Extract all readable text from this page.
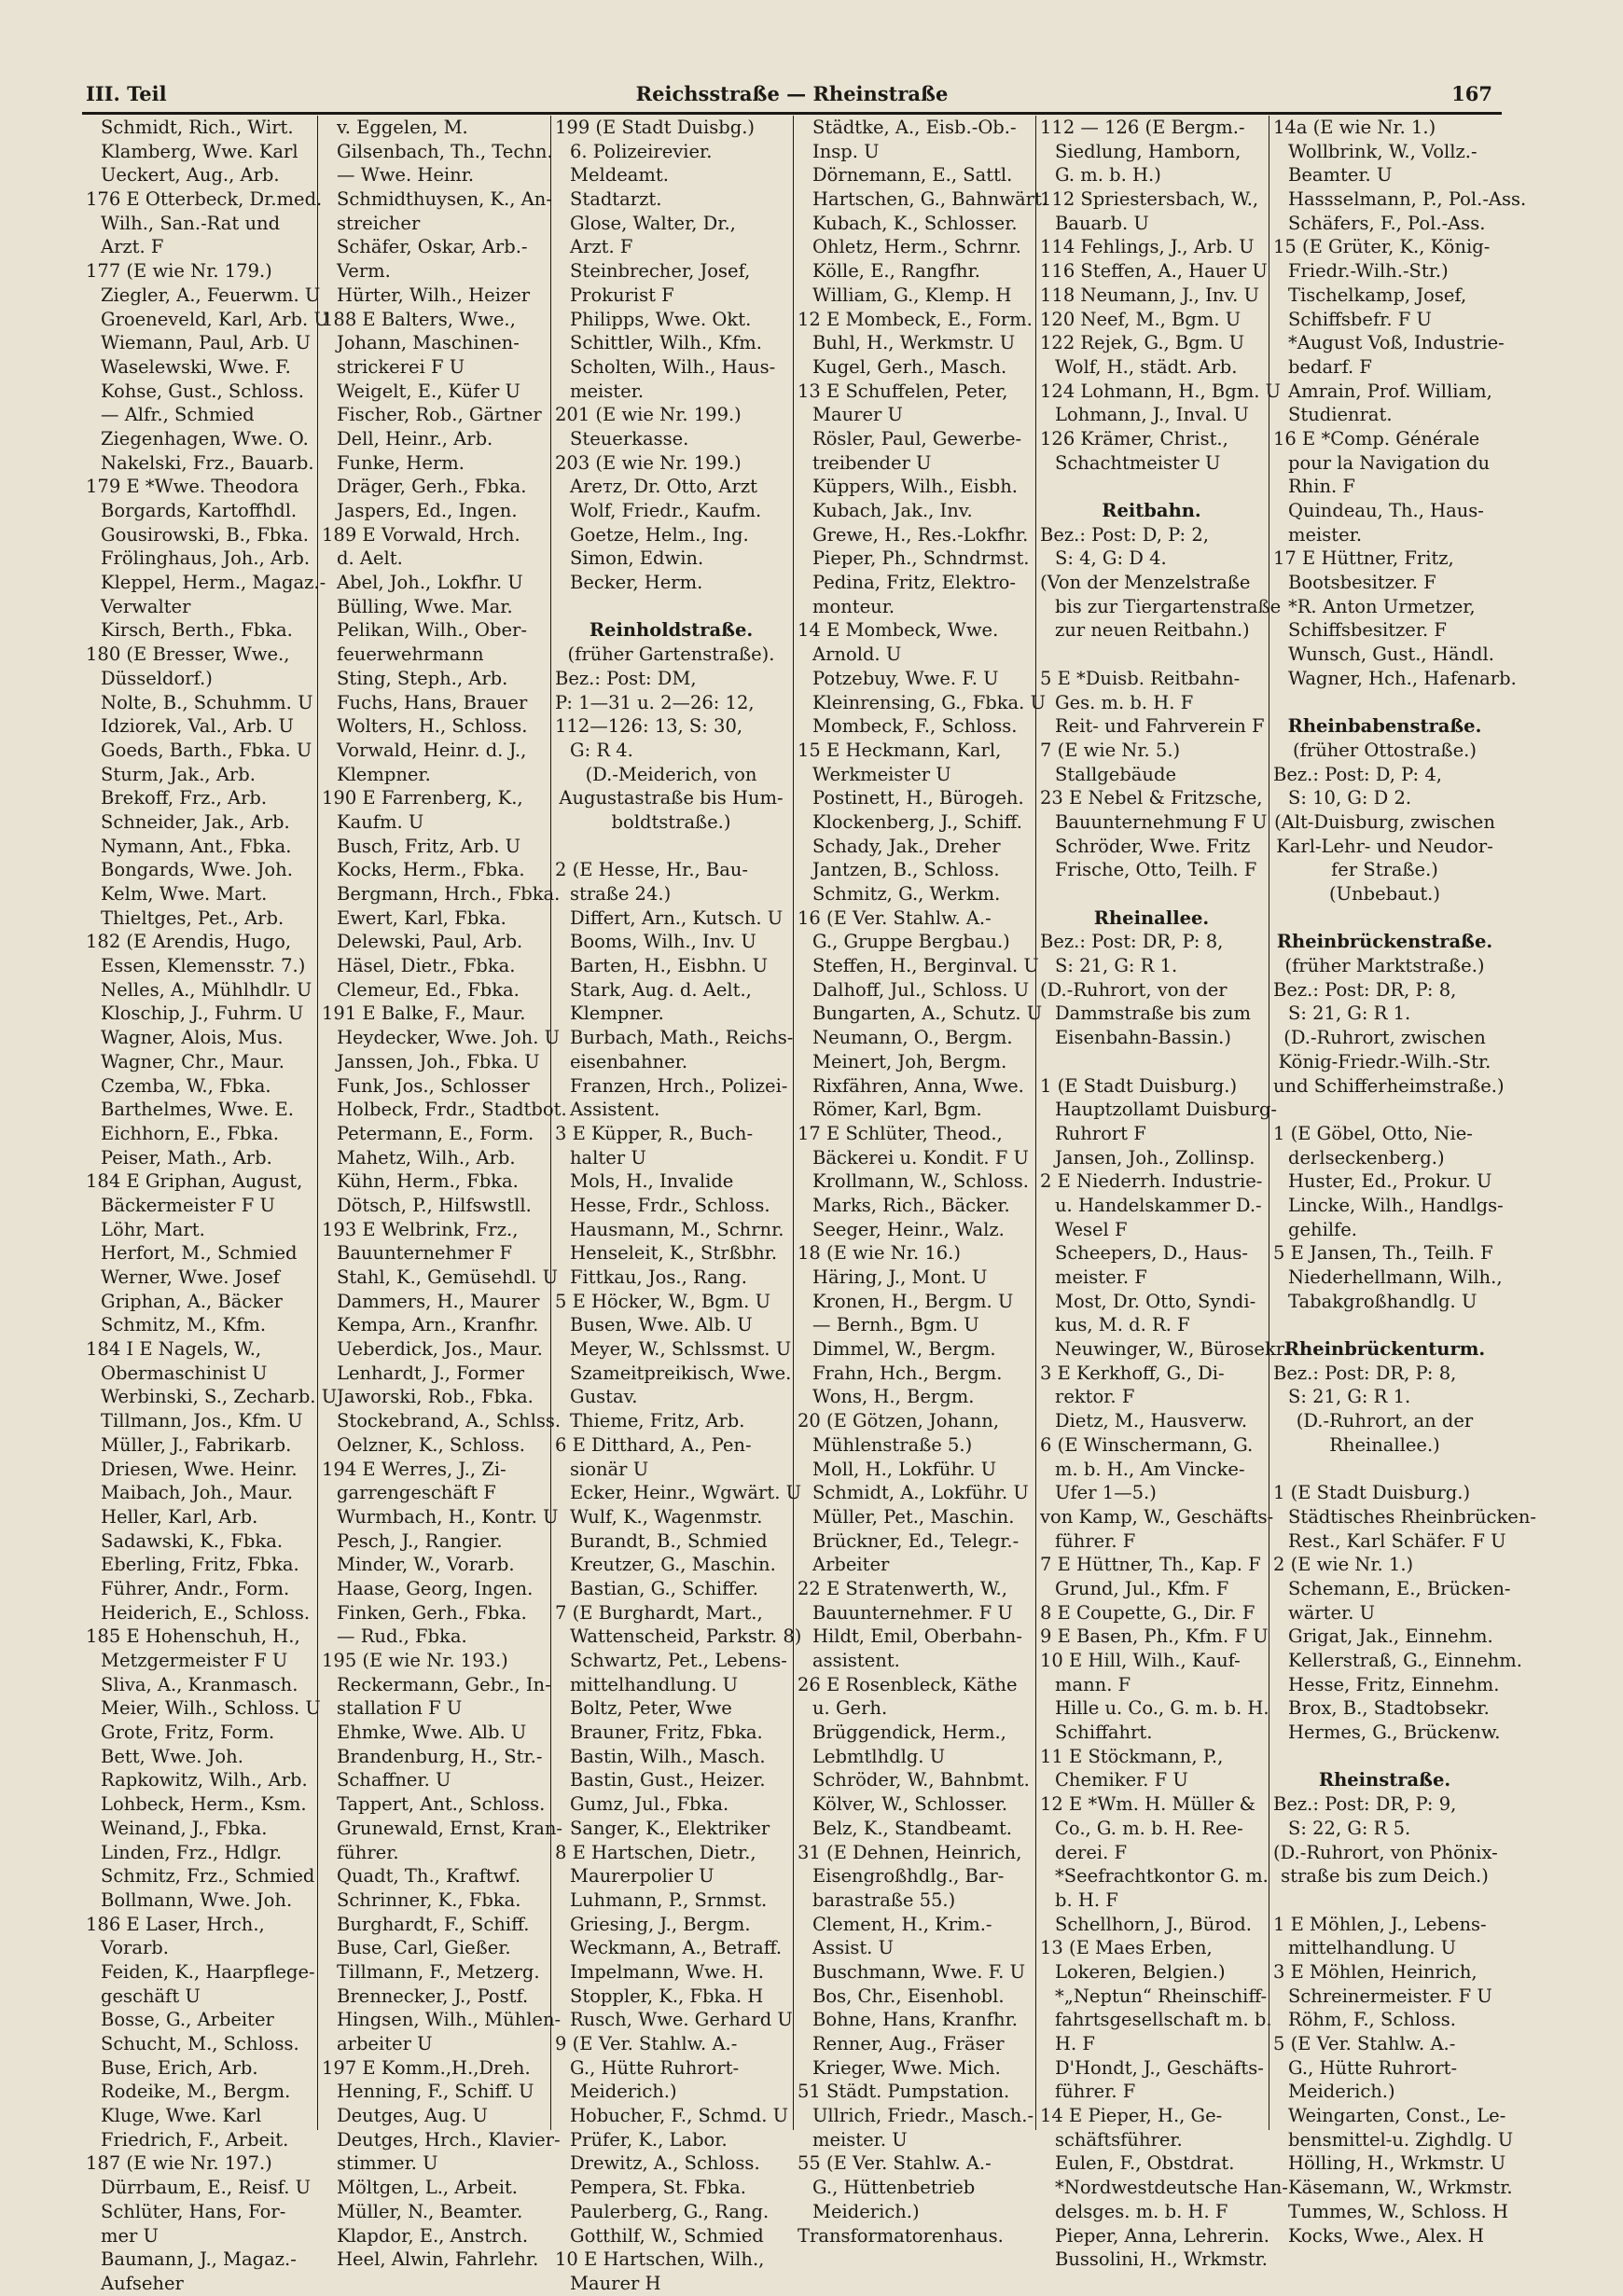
III. Teil	Reichsstraße — Rheinstraße	167
Schmidt, Rich., Wirt.
Klamberg, Wwe. Karl
Ueckert, Aug., Arb.
176 E Otterbeck, Dr.med.
Wilh., San.-Rat und
Arzt. F
177 (E wie Nr. 179.)
Ziegler, A., Feuerwm. U
Groeneveld, Karl, Arb. U
Wiemann, Paul, Arb. U
Waselewski, Wwe. F.
Kohse, Gust., Schloss.
— Alfr., Schmied
Ziegenhagen, Wwe. O.
Nakelski, Frz., Bauarb.
179 E *Wwe. Theodora
Borgards, Kartoffhdl.
Gousirowski, B., Fbka.
Frölinghaus, Joh., Arb.
Kleppel, Herm., Magaz.-
Verwalter
Kirsch, Berth., Fbka.
180 (E Bresser, Wwe.,
Düsseldorf.)
Nolte, B., Schuhmm. U
Idziorek, Val., Arb. U
Goeds, Barth., Fbka. U
Sturm, Jak., Arb.
Brekoff, Frz., Arb.
Schneider, Jak., Arb.
Nymann, Ant., Fbka.
Bongards, Wwe. Joh.
Kelm, Wwe. Mart.
Thieltges, Pet., Arb.
182 (E Arendis, Hugo,
Essen, Klemensstr. 7.)
Nelles, A., Mühlhdlr. U
Kloschip, J., Fuhrm. U
Wagner, Alois, Mus.
Wagner, Chr., Maur.
Czemba, W., Fbka.
Barthelmes, Wwe. E.
Eichhorn, E., Fbka.
Peiser, Math., Arb.
184 E Griphan, August,
Bäckermeister F U
Löhr, Mart.
Herfort, M., Schmied
Werner, Wwe. Josef
Griphan, A., Bäcker
Schmitz, M., Kfm.
184 I E Nagels, W.,
Obermaschinist U
Werbinski, S., Zecharb. U
Tillmann, Jos., Kfm. U
Müller, J., Fabrikarb.
Driesen, Wwe. Heinr.
Maibach, Joh., Maur.
Heller, Karl, Arb.
Sadawski, K., Fbka.
Eberling, Fritz, Fbka.
Führer, Andr., Form.
Heiderich, E., Schloss.
185 E Hohenschuh, H.,
Metzgermeister F U
Sliva, A., Kranmasch.
Meier, Wilh., Schloss. U
Grote, Fritz, Form.
Bett, Wwe. Joh.
Rapkowitz, Wilh., Arb.
Lohbeck, Herm., Ksm.
Weinand, J., Fbka.
Linden, Frz., Hdlgr.
Schmitz, Frz., Schmied
Bollmann, Wwe. Joh.
186 E Laser, Hrch.,
Vorarb.
Feiden, K., Haarpflege-
geschäft U
Bosse, G., Arbeiter
Schucht, M., Schloss.
Buse, Erich, Arb.
Rodeike, M., Bergm.
Kluge, Wwe. Karl
Friedrich, F., Arbeit.
187 (E wie Nr. 197.)
Dürrbaum, E., Reisf. U
Schlüter, Hans, For-
mer U
Baumann, J., Magaz.-
Aufseher
v. Eggelen, M.
Gilsenbach, Th., Techn.
— Wwe. Heinr.
Schmidthuysen, K., An-
streicher
Schäfer, Oskar, Arb.-
Verm.
Hürter, Wilh., Heizer
188 E Balters, Wwe.,
Johann, Maschinen-
strickerei F U
Weigelt, E., Küfer U
Fischer, Rob., Gärtner
Dell, Heinr., Arb.
Funke, Herm.
Dräger, Gerh., Fbka.
Jaspers, Ed., Ingen.
189 E Vorwald, Hrch.
d. Aelt.
Abel, Joh., Lokfhr. U
Bülling, Wwe. Mar.
Pelikan, Wilh., Ober-
feuerwehrmann
Sting, Steph., Arb.
Fuchs, Hans, Brauer
Wolters, H., Schloss.
Vorwald, Heinr. d. J.,
Klempner.
190 E Farrenberg, K.,
Kaufm. U
Busch, Fritz, Arb. U
Kocks, Herm., Fbka.
Bergmann, Hrch., Fbka.
Ewert, Karl, Fbka.
Delewski, Paul, Arb.
Häsel, Dietr., Fbka.
Clemeur, Ed., Fbka.
191 E Balke, F., Maur.
Heydecker, Wwe. Joh. U
Janssen, Joh., Fbka. U
Funk, Jos., Schlosser
Holbeck, Frdr., Stadtbot.
Petermann, E., Form.
Mahetz, Wilh., Arb.
Kühn, Herm., Fbka.
Dötsch, P., Hilfswstll.
193 E Welbrink, Frz.,
Bauunternehmer F
Stahl, K., Gemüsehdl. U
Dammers, H., Maurer
Kempa, Arn., Kranfhr.
Ueberdick, Jos., Maur.
Lenhardt, J., Former
Jaworski, Rob., Fbka.
Stockebrand, A., Schlss.
Oelzner, K., Schloss.
194 E Werres, J., Zi-
garrengeschäft F
Wurmbach, H., Kontr. U
Pesch, J., Rangier.
Minder, W., Vorarb.
Haase, Georg, Ingen.
Finken, Gerh., Fbka.
— Rud., Fbka.
195 (E wie Nr. 193.)
Reckermann, Gebr., In-
stallation F U
Ehmke, Wwe. Alb. U
Brandenburg, H., Str.-
Schaffner. U
Tappert, Ant., Schloss.
Grunewald, Ernst, Kran-
führer.
Quadt, Th., Kraftwf.
Schrinner, K., Fbka.
Burghardt, F., Schiff.
Buse, Carl, Gießer.
Tillmann, F., Metzerg.
Brennecker, J., Postf.
Hingsen, Wilh., Mühlen-
arbeiter U
197 E Komm.,H.,Dreh.
Henning, F., Schiff. U
Deutges, Aug. U
Deutges, Hrch., Klavier-
stimmer. U
Möltgen, L., Arbeit.
Müller, N., Beamter.
Klapdor, E., Anstrch.
Heel, Alwin, Fahrlehr.
199 (E Stadt Duisbg.)
6. Polizeirevier.
Meldeamt.
Stadtarzt.
Glose, Walter, Dr.,
Arzt. F
Steinbrecher, Josef,
Prokurist F
Philipps, Wwe. Okt.
Schittler, Wilh., Kfm.
Scholten, Wilh., Haus-
meister.
201 (E wie Nr. 199.)
Steuerkasse.
203 (E wie Nr. 199.)
Arетz, Dr. Otto, Arzt
Wolf, Friedr., Kaufm.
Goetze, Helm., Ing.
Simon, Edwin.
Becker, Herm.
Reinholdstraße.
(früher Gartenstraße).
Bez.: Post: DM,
P: 1—31 u. 2—26: 12,
112—126: 13, S: 30,
G: R 4.
(D.-Meiderich, von
Augustastraße bis Hum-
boldtstraße.)
2 (E Hesse, Hr., Bau-
straße 24.)
Differt, Arn., Kutsch. U
Booms, Wilh., Inv. U
Barten, H., Eisbhn. U
Stark, Aug. d. Aelt.,
Klempner.
Burbach, Math., Reichs-
eisenbahner.
Franzen, Hrch., Polizei-
Assistent.
3 E Küpper, R., Buch-
halter U
Mols, H., Invalide
Hesse, Frdr., Schloss.
Hausmann, M., Schrnr.
Henseleit, K., Strßbhr.
Fittkau, Jos., Rang.
5 E Höcker, W., Bgm. U
Busen, Wwe. Alb. U
Meyer, W., Schlssmst. U
Szameitpreikisch, Wwe.
Gustav.
Thieme, Fritz, Arb.
6 E Ditthard, A., Pen-
sionär U
Ecker, Heinr., Wgwärt. U
Wulf, K., Wagenmstr.
Burandt, B., Schmied
Kreutzer, G., Maschin.
Bastian, G., Schiffer.
7 (E Burghardt, Mart.,
Wattenscheid, Parkstr. 8)
Schwartz, Pet., Lebens-
mittelhandlung. U
Boltz, Peter, Wwe
Brauner, Fritz, Fbka.
Bastin, Wilh., Masch.
Bastin, Gust., Heizer.
Gumz, Jul., Fbka.
Sanger, K., Elektriker
8 E Hartschen, Dietr.,
Maurerpolier U
Luhmann, P., Srnmst.
Griesing, J., Bergm.
Weckmann, A., Betraff.
Impelmann, Wwe. H.
Stoppler, K., Fbka. H
Rusch, Wwe. Gerhard U
9 (E Ver. Stahlw. A.-
G., Hütte Ruhrort-
Meiderich.)
Hobucher, F., Schmd. U
Prüfer, K., Labor.
Drewitz, A., Schloss.
Pempera, St. Fbka.
Paulerberg, G., Rang.
Gotthilf, W., Schmied
10 E Hartschen, Wilh.,
Maurer H
Städtke, A., Eisb.-Ob.-
Insp. U
Dörnemann, E., Sattl.
Hartschen, G., Bahnwärt.
Kubach, K., Schlosser.
Ohletz, Herm., Schrnr.
Kölle, E., Rangfhr.
William, G., Klemp. H
12 E Mombeck, E., Form.
Buhl, H., Werkmstr. U
Kugel, Gerh., Masch.
13 E Schuffelen, Peter,
Maurer U
Rösler, Paul, Gewerbe-
treibender U
Küppers, Wilh., Eisbh.
Kubach, Jak., Inv.
Grewe, H., Res.-Lokfhr.
Pieper, Ph., Schndrmst.
Pedina, Fritz, Elektro-
monteur.
14 E Mombeck, Wwe.
Arnold. U
Potzebuy, Wwe. F. U
Kleinrensing, G., Fbka. U
Mombeck, F., Schloss.
15 E Heckmann, Karl,
Werkmeister U
Postinett, H., Bürogeh.
Klockenberg, J., Schiff.
Schady, Jak., Dreher
Jantzen, B., Schloss.
Schmitz, G., Werkm.
16 (E Ver. Stahlw. A.-
G., Gruppe Bergbau.)
Steffen, H., Berginval. U
Dalhoff, Jul., Schloss. U
Bungarten, A., Schutz. U
Neumann, O., Bergm.
Meinert, Joh, Bergm.
Rixfähren, Anna, Wwe.
Römer, Karl, Bgm.
17 E Schlüter, Theod.,
Bäckerei u. Kondit. F U
Krollmann, W., Schloss.
Marks, Rich., Bäcker.
Seeger, Heinr., Walz.
18 (E wie Nr. 16.)
Häring, J., Mont. U
Kronen, H., Bergm. U
— Bernh., Bgm. U
Dimmel, W., Bergm.
Frahn, Hch., Bergm.
Wons, H., Bergm.
20 (E Götzen, Johann,
Mühlenstraße 5.)
Moll, H., Lokführ. U
Schmidt, A., Lokführ. U
Müller, Pet., Maschin.
Brückner, Ed., Telegr.-
Arbeiter
22 E Stratenwerth, W.,
Bauunternehmer. F U
Hildt, Emil, Oberbahn-
assistent.
26 E Rosenbleck, Käthe
u. Gerh.
Brüggendick, Herm.,
Lebmtlhdlg. U
Schröder, W., Bahnbmt.
Kölver, W., Schlosser.
Belz, K., Standbeamt.
31 (E Dehnen, Heinrich,
Eisengroßhdlg., Bar-
barastraße 55.)
Clement, H., Krim.-
Assist. U
Buschmann, Wwe. F. U
Bos, Chr., Eisenhobl.
Bohne, Hans, Kranfhr.
Renner, Aug., Fräser
Krieger, Wwe. Mich.
51 Städt. Pumpstation.
Ullrich, Friedr., Masch.-
meister. U
55 (E Ver. Stahlw. A.-
G., Hüttenbetrieb
Meiderich.)
Transformatorenhaus.
112 — 126 (E Bergm.-
Siedlung, Hamborn,
G. m. b. H.)
112 Spriestersbach, W.,
Bauarb. U
114 Fehlings, J., Arb. U
116 Steffen, A., Hauer U
118 Neumann, J., Inv. U
120 Neef, M., Bgm. U
122 Rejek, G., Bgm. U
Wolf, H., städt. Arb.
124 Lohmann, H., Bgm. U
Lohmann, J., Inval. U
126 Krämer, Christ.,
Schachtmeister U
Reitbahn.
Bez.: Post: D, P: 2,
S: 4, G: D 4.
(Von der Menzelstraße
bis zur Tiergartenstraße
zur neuen Reitbahn.)
5 E *Duisb. Reitbahn-
Ges. m. b. H. F
Reit- und Fahrverein F
7 (E wie Nr. 5.)
Stallgebäude
23 E Nebel & Fritzsche,
Bauunternehmung F U
Schröder, Wwe. Fritz
Frische, Otto, Teilh. F
Rheinallee.
Bez.: Post: DR, P: 8,
S: 21, G: R 1.
(D.-Ruhrort, von der
Dammstraße bis zum
Eisenbahn-Bassin.)
1 (E Stadt Duisburg.)
Hauptzollamt Duisburg-
Ruhrort F
Jansen, Joh., Zollinsp.
2 E Niederrh. Industrie-
u. Handelskammer D.-
Wesel F
Scheepers, D., Haus-
meister. F
Most, Dr. Otto, Syndi-
kus, M. d. R. F
Neuwinger, W., Bürosekr.
3 E Kerkhoff, G., Di-
rektor. F
Dietz, M., Hausverw.
6 (E Winschermann, G.
m. b. H., Am Vincke-
Ufer 1—5.)
von Kamp, W., Geschäfts-
führer. F
7 E Hüttner, Th., Kap. F
Grund, Jul., Kfm. F
8 E Coupette, G., Dir. F
9 E Basen, Ph., Kfm. F U
10 E Hill, Wilh., Kauf-
mann. F
Hille u. Co., G. m. b. H.
Schiffahrt.
11 E Stöckmann, P.,
Chemiker. F U
12 E *Wm. H. Müller &
Co., G. m. b. H. Ree-
derei. F
*Seefrachtkontor G. m.
b. H. F
Schellhorn, J., Bürod.
13 (E Maes Erben,
Lokeren, Belgien.)
*„Neptun“ Rheinschiff-
fahrtsgesellschaft m. b.
H. F
D'Hondt, J., Geschäfts-
führer. F
14 E Pieper, H., Ge-
schäftsführer.
Eulen, F., Obstdrat.
*Nordwestdeutsche Han-
delsges. m. b. H. F
Pieper, Anna, Lehrerin.
Bussolini, H., Wrkmstr.
14a (E wie Nr. 1.)
Wollbrink, W., Vollz.-
Beamter. U
Hassselmann, P., Pol.-Ass.
Schäfers, F., Pol.-Ass.
15 (E Grüter, K., König-
Friedr.-Wilh.-Str.)
Tischelkamp, Josef,
Schiffsbefr. F U
*August Voß, Industrie-
bedarf. F
Amrain, Prof. William,
Studienrat.
16 E *Comp. Générale
pour la Navigation du
Rhin. F
Quindeau, Th., Haus-
meister.
17 E Hüttner, Fritz,
Bootsbesitzer. F
*R. Anton Urmetzer,
Schiffsbesitzer. F
Wunsch, Gust., Händl.
Wagner, Hch., Hafenarb.
Rheinbabenstraße.
(früher Ottostraße.)
Bez.: Post: D, P: 4,
S: 10, G: D 2.
(Alt-Duisburg, zwischen
Karl-Lehr- und Neudor-
fer Straße.)
(Unbebaut.)
Rheinbrückenstraße.
(früher Marktstraße.)
Bez.: Post: DR, P: 8,
S: 21, G: R 1.
(D.-Ruhrort, zwischen
König-Friedr.-Wilh.-Str.
und Schifferheimstraße.)
1 (E Göbel, Otto, Nie-
derlseckenberg.)
Huster, Ed., Prokur. U
Lincke, Wilh., Handlgs-
gehilfe.
5 E Jansen, Th., Teilh. F
Niederhellmann, Wilh.,
Tabakgroßhandlg. U
Rheinbrückenturm.
Bez.: Post: DR, P: 8,
S: 21, G: R 1.
(D.-Ruhrort, an der
Rheinallee.)
1 (E Stadt Duisburg.)
Städtisches Rheinbrücken-
Rest., Karl Schäfer. F U
2 (E wie Nr. 1.)
Schemann, E., Brücken-
wärter. U
Grigat, Jak., Einnehm.
Kellerstraß, G., Einnehm.
Hesse, Fritz, Einnehm.
Brox, B., Stadtobsekr.
Hermes, G., Brückenw.
Rheinstraße.
Bez.: Post: DR, P: 9,
S: 22, G: R 5.
(D.-Ruhrort, von Phönix-
straße bis zum Deich.)
1 E Möhlen, J., Lebens-
mittelhandlung. U
3 E Möhlen, Heinrich,
Schreinermeister. F U
Röhm, F., Schloss.
5 (E Ver. Stahlw. A.-
G., Hütte Ruhrort-
Meiderich.)
Weingarten, Const., Le-
bensmittel-u. Zighdlg. U
Hölling, H., Wrkmstr. U
Käsemann, W., Wrkmstr.
Tummes, W., Schloss. H
Kocks, Wwe., Alex. H
